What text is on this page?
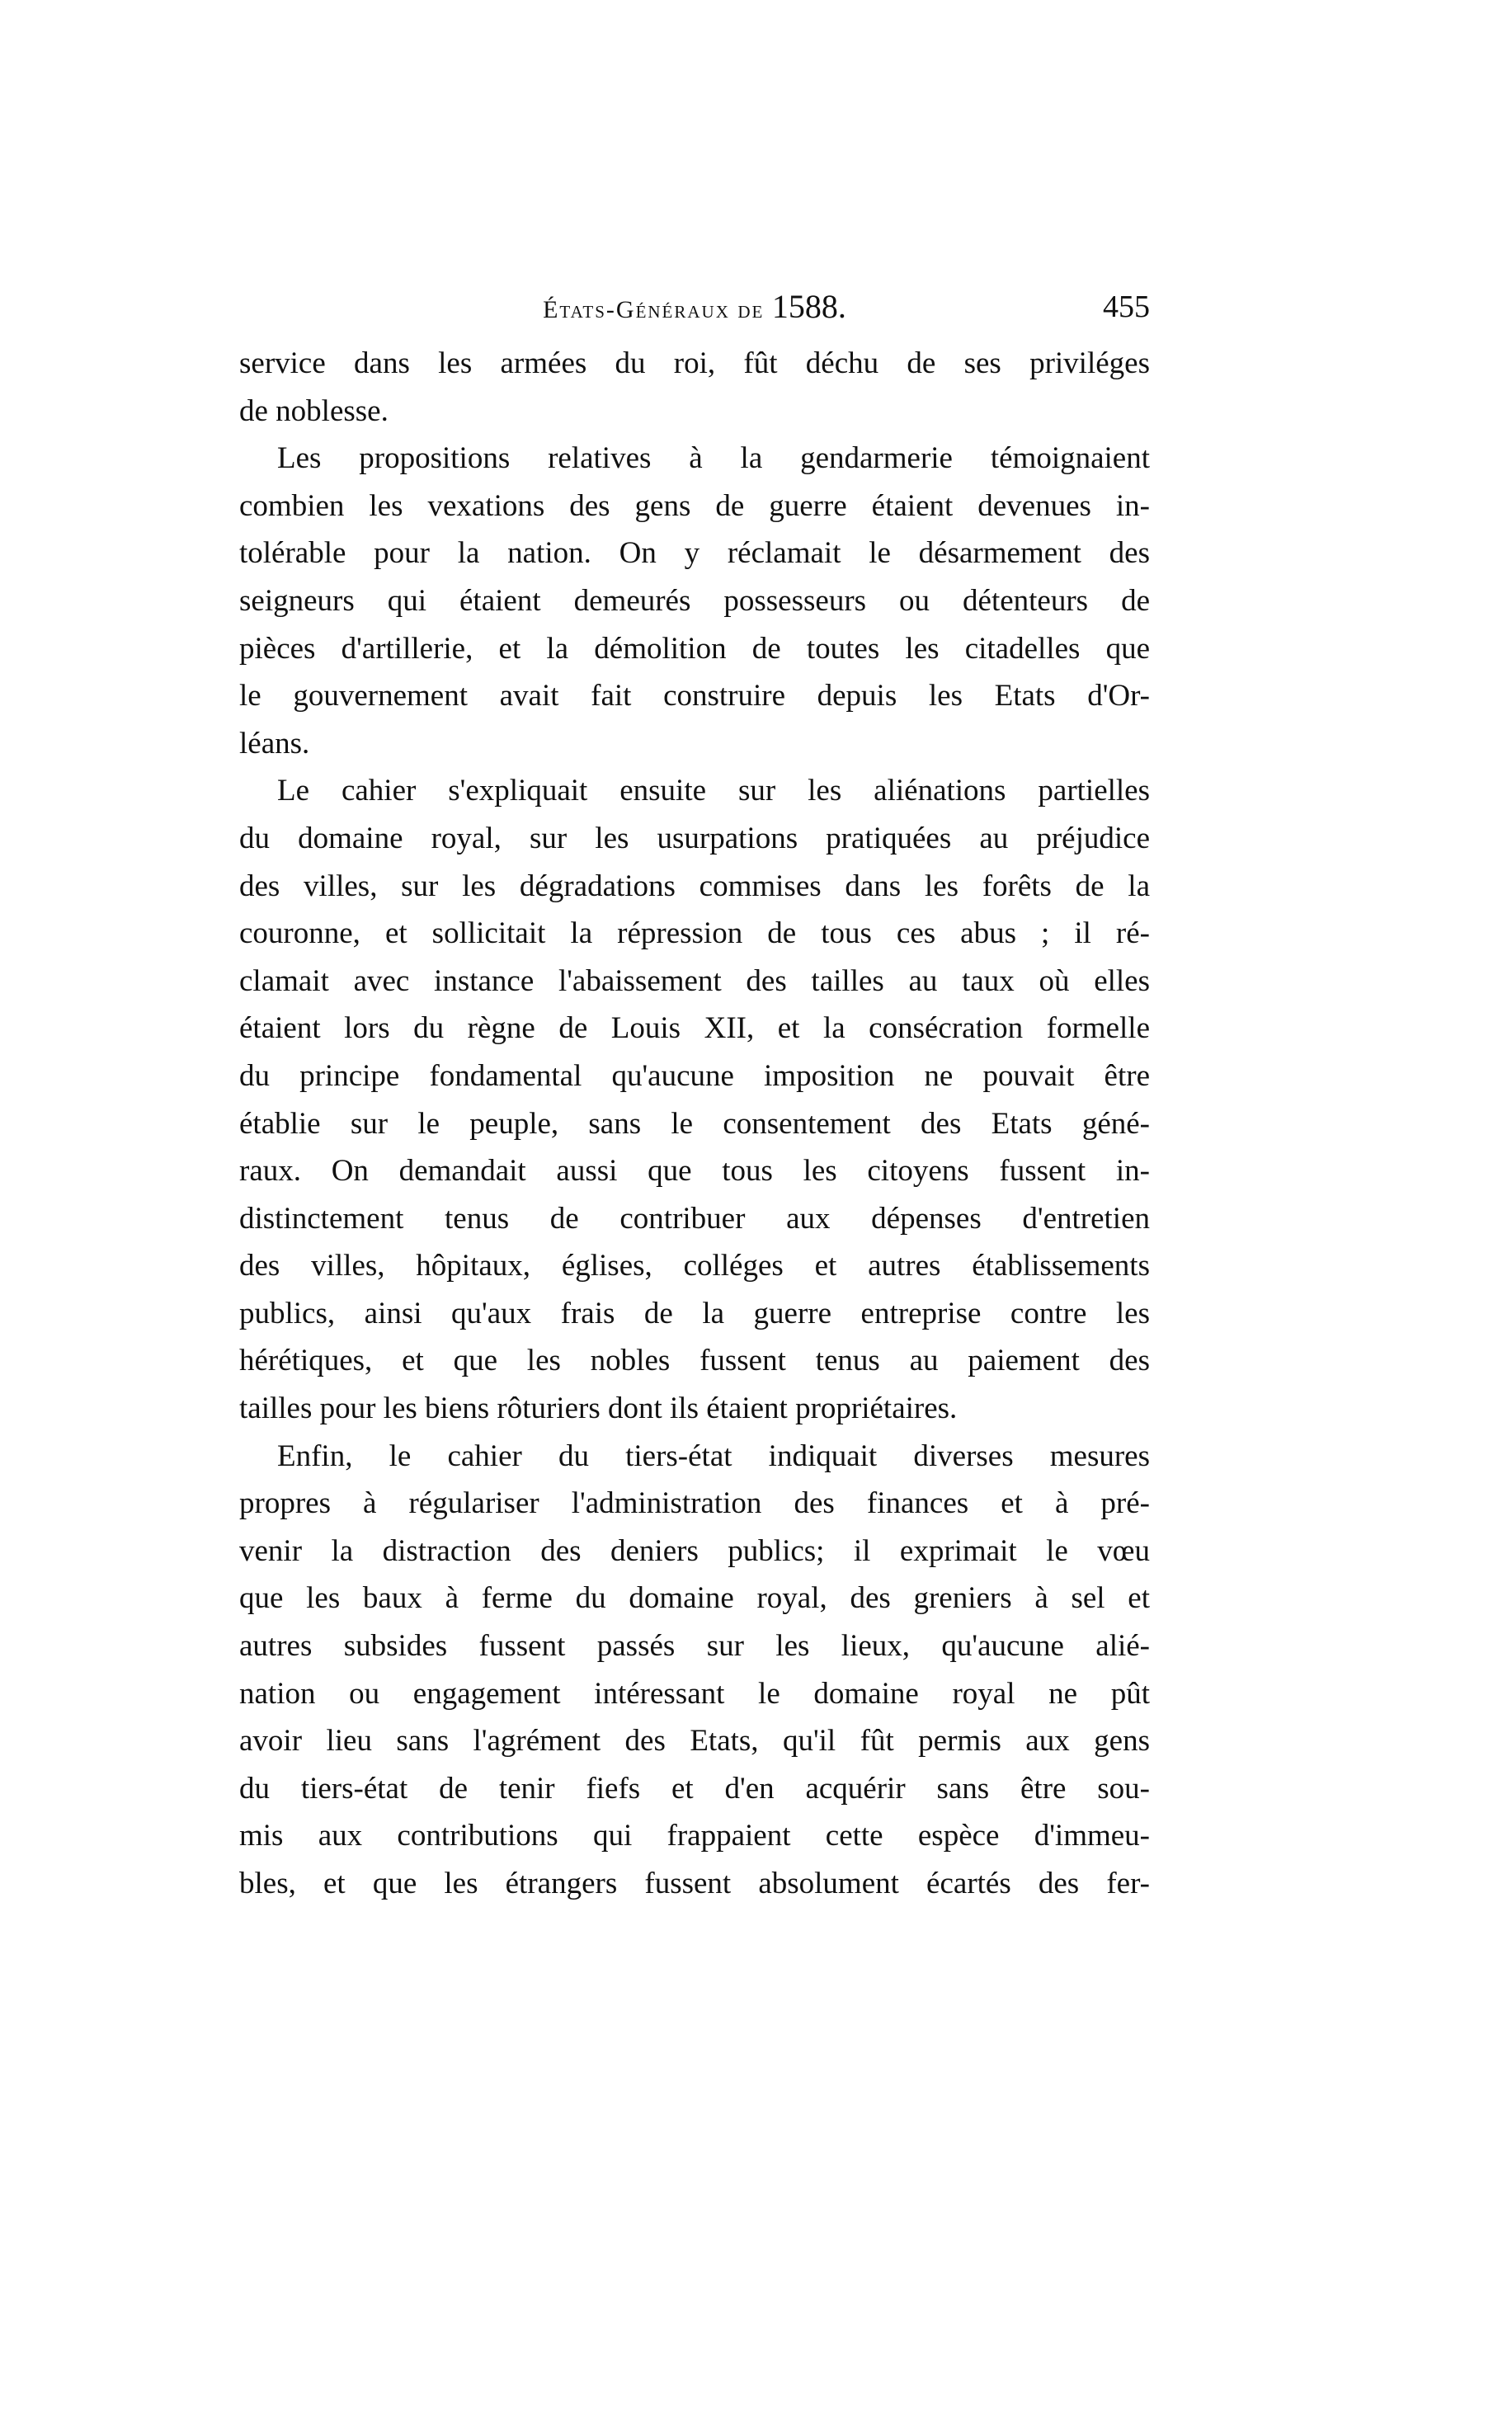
États-Généraux de 1588.	455
service dans les armées du roi, fût déchu de ses priviléges
de noblesse.
Les propositions relatives à la gendarmerie témoignaient
combien les vexations des gens de guerre étaient devenues in-
tolérable pour la nation. On y réclamait le désarmement des
seigneurs qui étaient demeurés possesseurs ou détenteurs de
pièces d'artillerie, et la démolition de toutes les citadelles que
le gouvernement avait fait construire depuis les Etats d'Or-
léans.
Le cahier s'expliquait ensuite sur les aliénations partielles
du domaine royal, sur les usurpations pratiquées au préjudice
des villes, sur les dégradations commises dans les forêts de la
couronne, et sollicitait la répression de tous ces abus ; il ré-
clamait avec instance l'abaissement des tailles au taux où elles
étaient lors du règne de Louis XII, et la consécration formelle
du principe fondamental qu'aucune imposition ne pouvait être
établie sur le peuple, sans le consentement des Etats géné-
raux. On demandait aussi que tous les citoyens fussent in-
distinctement tenus de contribuer aux dépenses d'entretien
des villes, hôpitaux, églises, colléges et autres établissements
publics, ainsi qu'aux frais de la guerre entreprise contre les
hérétiques, et que les nobles fussent tenus au paiement des
tailles pour les biens rôturiers dont ils étaient propriétaires.
Enfin, le cahier du tiers-état indiquait diverses mesures
propres à régulariser l'administration des finances et à pré-
venir la distraction des deniers publics; il exprimait le vœu
que les baux à ferme du domaine royal, des greniers à sel et
autres subsides fussent passés sur les lieux, qu'aucune alié-
nation ou engagement intéressant le domaine royal ne pût
avoir lieu sans l'agrément des Etats, qu'il fût permis aux gens
du tiers-état de tenir fiefs et d'en acquérir sans être sou-
mis aux contributions qui frappaient cette espèce d'immeu-
bles, et que les étrangers fussent absolument écartés des fer-
